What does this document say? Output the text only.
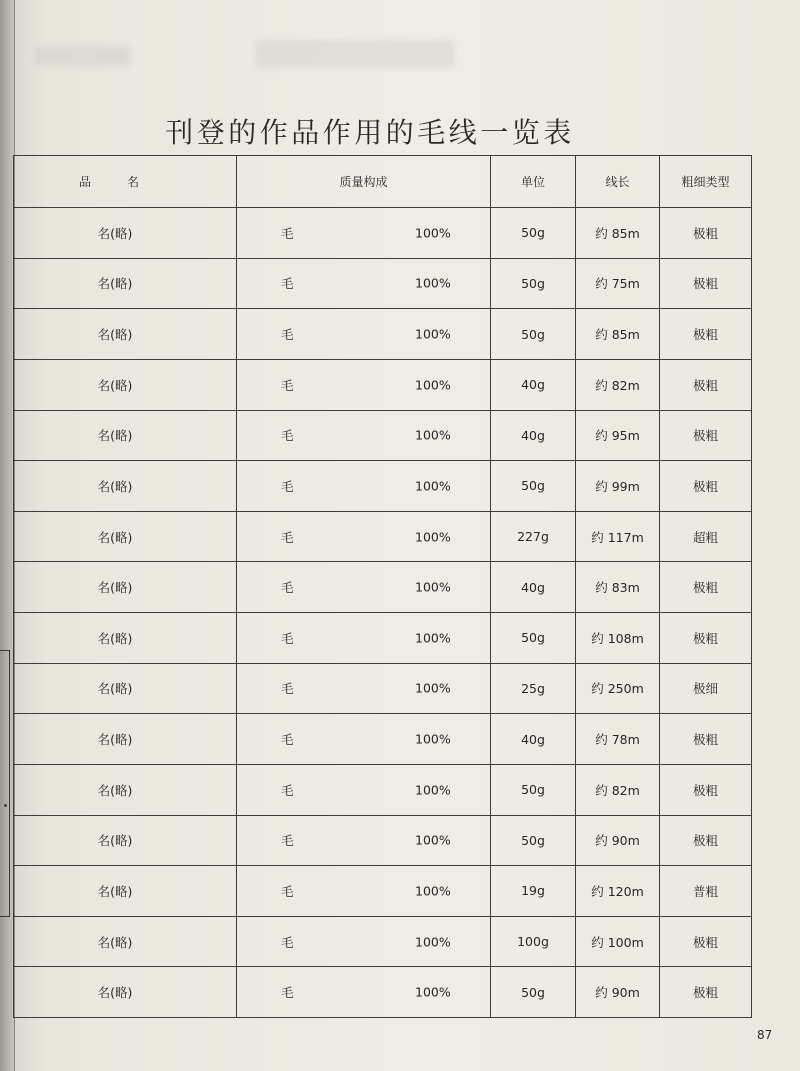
刊登的作品作用的毛线一览表
品　名	质量构成	单位	线长	粗细类型
名(略)	毛	100%	50g	约 85m	极粗
名(略)	毛	100%	50g	约 75m	极粗
名(略)	毛	100%	50g	约 85m	极粗
名(略)	毛	100%	40g	约 82m	极粗
名(略)	毛	100%	40g	约 95m	极粗
名(略)	毛	100%	50g	约 99m	极粗
名(略)	毛	100%	227g	约 117m	超粗
名(略)	毛	100%	40g	约 83m	极粗
名(略)	毛	100%	50g	约 108m	极粗
名(略)	毛	100%	25g	约 250m	极细
名(略)	毛	100%	40g	约 78m	极粗
名(略)	毛	100%	50g	约 82m	极粗
名(略)	毛	100%	50g	约 90m	极粗
名(略)	毛	100%	19g	约 120m	普粗
名(略)	毛	100%	100g	约 100m	极粗
名(略)	毛	100%	50g	约 90m	极粗
87
